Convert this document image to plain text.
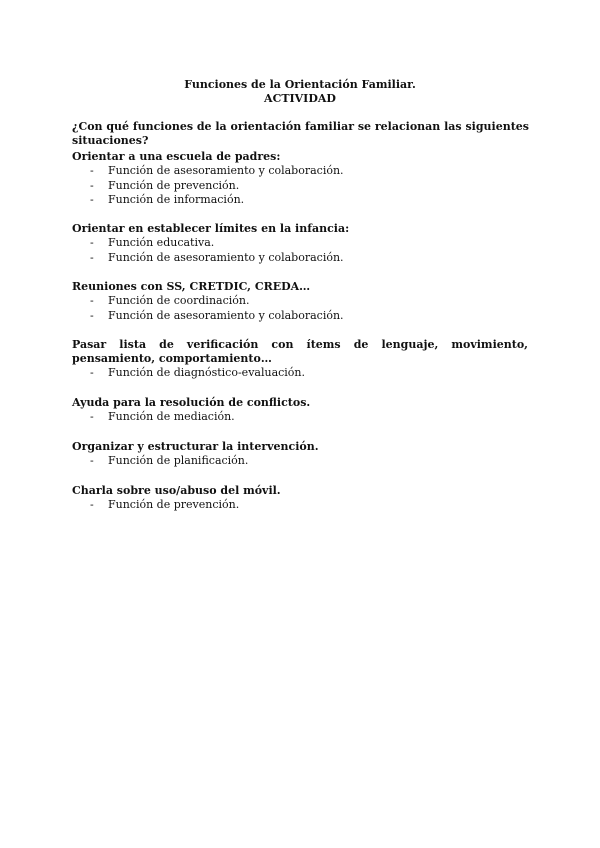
Funciones de la Orientación Familiar.
ACTIVIDAD
¿Con qué funciones de la orientación familiar se relacionan las siguientes situaciones?

Orientar a una escuela de padres:

- Función de asesoramiento y colaboración.
- Función de prevención.
- Función de información.

Orientar en establecer límites en la infancia:

- Función educativa.
- Función de asesoramiento y colaboración.

Reuniones con SS, CRETDIC, CREDA…

- Función de coordinación.
- Función de asesoramiento y colaboración.

Pasar lista de verificación con ítems de lenguaje, movimiento, pensamiento, comportamiento…

- Función de diagnóstico-evaluación.

Ayuda para la resolución de conflictos.

- Función de mediación.

Organizar y estructurar la intervención.

- Función de planificación.

Charla sobre uso/abuso del móvil.

- Función de prevención.
